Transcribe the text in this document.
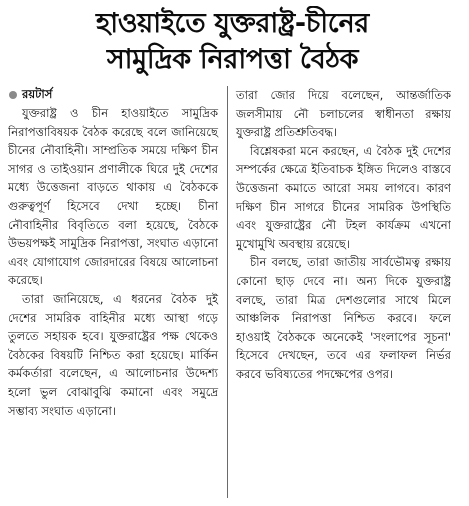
হাওয়াইতে যুক্তরাষ্ট্র-চীনের
সামুদ্রিক নিরাপত্তা বৈঠক
রয়টার্স

যুক্তরাষ্ট্র ও চীন হাওয়াইতে সামুদ্রিক নিরাপত্তাবিষয়ক বৈঠক করেছে বলে জানিয়েছে চীনের নৌবাহিনী। সাম্প্রতিক সময়ে দক্ষিণ চীন সাগর ও তাইওয়ান প্রণালীকে ঘিরে দুই দেশের মধ্যে উত্তেজনা বাড়তে থাকায় এ বৈঠককে গুরুত্বপূর্ণ হিসেবে দেখা হচ্ছে। চীনা নৌবাহিনীর বিবৃতিতে বলা হয়েছে, বৈঠকে উভয়পক্ষই সামুদ্রিক নিরাপত্তা, সংঘাত এড়ানো এবং যোগাযোগ জোরদারের বিষয়ে আলোচনা করেছে।

তারা জানিয়েছে, এ ধরনের বৈঠক দুই দেশের সামরিক বাহিনীর মধ্যে আস্থা গড়ে তুলতে সহায়ক হবে। যুক্তরাষ্ট্রের পক্ষ থেকেও বৈঠকের বিষয়টি নিশ্চিত করা হয়েছে। মার্কিন কর্মকর্তারা বলেছেন, এ আলোচনার উদ্দেশ্য হলো ভুল বোঝাবুঝি কমানো এবং সমুদ্রে সম্ভাব্য সংঘাত এড়ানো।

তারা জোর দিয়ে বলেছেন, আন্তর্জাতিক জলসীমায় নৌ চলাচলের স্বাধীনতা রক্ষায় যুক্তরাষ্ট্র প্রতিশ্রুতিবদ্ধ।

বিশ্লেষকরা মনে করছেন, এ বৈঠক দুই দেশের সম্পর্কের ক্ষেত্রে ইতিবাচক ইঙ্গিত দিলেও বাস্তবে উত্তেজনা কমাতে আরো সময় লাগবে। কারণ দক্ষিণ চীন সাগরে চীনের সামরিক উপস্থিতি এবং যুক্তরাষ্ট্রের নৌ টহল কার্যক্রম এখনো মুখোমুখি অবস্থায় রয়েছে।

চীন বলছে, তারা জাতীয় সার্বভৌমত্ব রক্ষায় কোনো ছাড় দেবে না। অন্য দিকে যুক্তরাষ্ট্র বলছে, তারা মিত্র দেশগুলোর সাথে মিলে আঞ্চলিক নিরাপত্তা নিশ্চিত করবে। ফলে হাওয়াই বৈঠককে অনেকেই 'সংলাপের সূচনা' হিসেবে দেখছেন, তবে এর ফলাফল নির্ভর করবে ভবিষ্যতের পদক্ষেপের ওপর।
